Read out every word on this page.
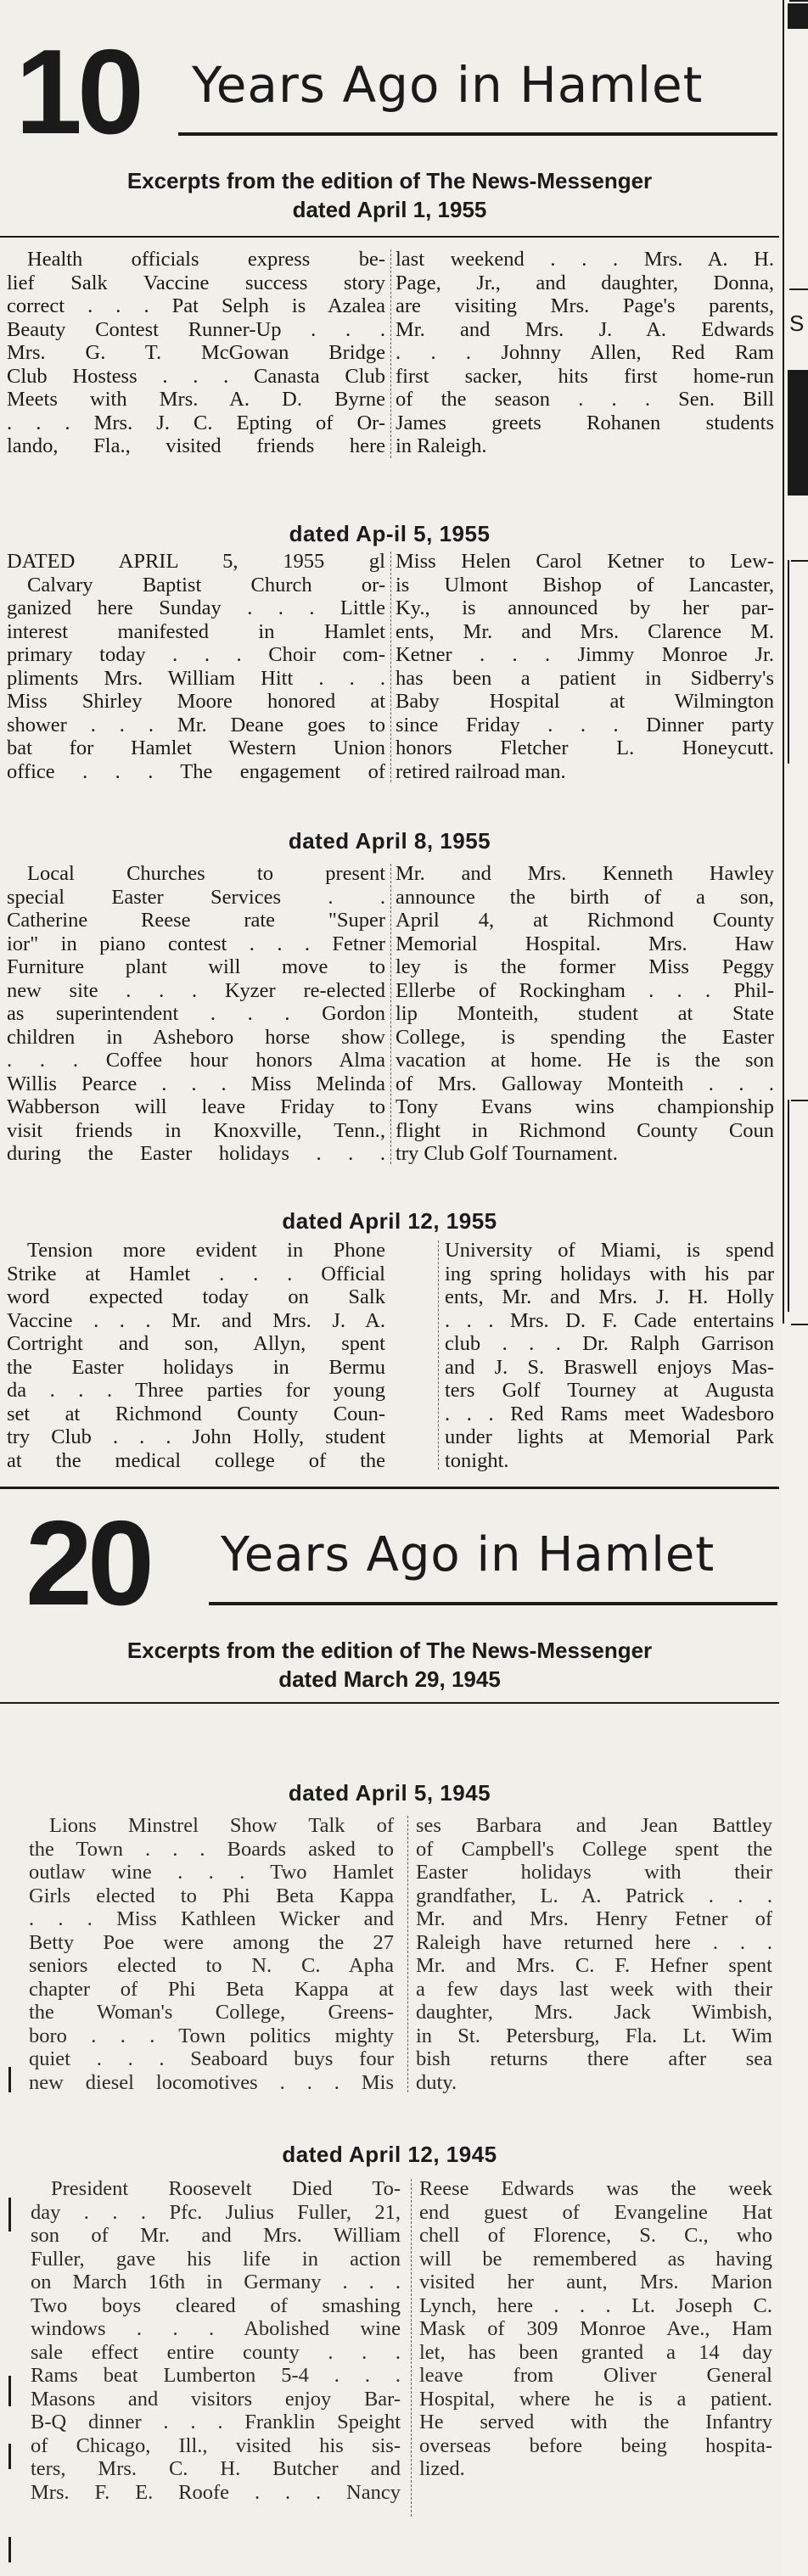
10 Years Ago in Hamlet
Excerpts from the edition of The News-Messenger
dated April 1, 1955
Health officials express be-
lief Salk Vaccine success story
correct . . . Pat Selph is Azalea
Beauty Contest Runner-Up . . .
Mrs. G. T. McGowan Bridge
Club Hostess . . . Canasta Club
Meets with Mrs. A. D. Byrne
. . . Mrs. J. C. Epting of Or-
lando, Fla., visited friends here
last weekend . . . Mrs. A. H.
Page, Jr., and daughter, Donna,
are visiting Mrs. Page's parents,
Mr. and Mrs. J. A. Edwards
. . . Johnny Allen, Red Ram
first sacker, hits first home-run
of the season . . . Sen. Bill
James greets Rohanen students
in Raleigh.
dated Ap-il 5, 1955
DATED APRIL 5, 1955 gl
Calvary Baptist Church or-
ganized here Sunday . . . Little
interest manifested in Hamlet
primary today . . . Choir com-
pliments Mrs. William Hitt . . .
Miss Shirley Moore honored at
shower . . . Mr. Deane goes to
bat for Hamlet Western Union
office . . . The engagement of
Miss Helen Carol Ketner to Lew-
is Ulmont Bishop of Lancaster,
Ky., is announced by her par-
ents, Mr. and Mrs. Clarence M.
Ketner . . . Jimmy Monroe Jr.
has been a patient in Sidberry's
Baby Hospital at Wilmington
since Friday . . . Dinner party
honors Fletcher L. Honeycutt.
retired railroad man.
dated April 8, 1955
Local Churches to present
special Easter Services . .
Catherine Reese rate "Super
ior" in piano contest . . . Fetner
Furniture plant will move to
new site . . . Kyzer re-elected
as superintendent . . . Gordon
children in Asheboro horse show
. . . Coffee hour honors Alma
Willis Pearce . . . Miss Melinda
Wabberson will leave Friday to
visit friends in Knoxville, Tenn.,
during the Easter holidays . . .
Mr. and Mrs. Kenneth Hawley
announce the birth of a son,
April 4, at Richmond County
Memorial Hospital. Mrs. Haw
ley is the former Miss Peggy
Ellerbe of Rockingham . . . Phil-
lip Monteith, student at State
College, is spending the Easter
vacation at home. He is the son
of Mrs. Galloway Monteith . . .
Tony Evans wins championship
flight in Richmond County Coun
try Club Golf Tournament.
dated April 12, 1955
Tension more evident in Phone
Strike at Hamlet . . . Official
word expected today on Salk
Vaccine . . . Mr. and Mrs. J. A.
Cortright and son, Allyn, spent
the Easter holidays in Bermu
da . . . Three parties for young
set at Richmond County Coun-
try Club . . . John Holly, student
at the medical college of the
University of Miami, is spend
ing spring holidays with his par
ents, Mr. and Mrs. J. H. Holly
. . . Mrs. D. F. Cade entertains
club . . . Dr. Ralph Garrison
and J. S. Braswell enjoys Mas-
ters Golf Tourney at Augusta
. . . Red Rams meet Wadesboro
under lights at Memorial Park
tonight.
20 Years Ago in Hamlet
Excerpts from the edition of The News-Messenger
dated March 29, 1945
dated April 5, 1945
Lions Minstrel Show Talk of
the Town . . . Boards asked to
outlaw wine . . . Two Hamlet
Girls elected to Phi Beta Kappa
. . . Miss Kathleen Wicker and
Betty Poe were among the 27
seniors elected to N. C. Apha
chapter of Phi Beta Kappa at
the Woman's College, Greens-
boro . . . Town politics mighty
quiet . . . Seaboard buys four
new diesel locomotives . . . Mis
ses Barbara and Jean Battley
of Campbell's College spent the
Easter holidays with their
grandfather, L. A. Patrick . . .
Mr. and Mrs. Henry Fetner of
Raleigh have returned here . . .
Mr. and Mrs. C. F. Hefner spent
a few days last week with their
daughter, Mrs. Jack Wimbish,
in St. Petersburg, Fla. Lt. Wim
bish returns there after sea
duty.
dated April 12, 1945
President Roosevelt Died To-
day . . . Pfc. Julius Fuller, 21,
son of Mr. and Mrs. William
Fuller, gave his life in action
on March 16th in Germany . . .
Two boys cleared of smashing
windows . . . Abolished wine
sale effect entire county . . .
Rams beat Lumberton 5-4 . . .
Masons and visitors enjoy Bar-
B-Q dinner . . . Franklin Speight
of Chicago, Ill., visited his sis-
ters, Mrs. C. H. Butcher and
Mrs. F. E. Roofe . . . Nancy
Reese Edwards was the week
end guest of Evangeline Hat
chell of Florence, S. C., who
will be remembered as having
visited her aunt, Mrs. Marion
Lynch, here . . . Lt. Joseph C.
Mask of 309 Monroe Ave., Ham
let, has been granted a 14 day
leave from Oliver General
Hospital, where he is a patient.
He served with the Infantry
overseas before being hospita-
lized.
S
